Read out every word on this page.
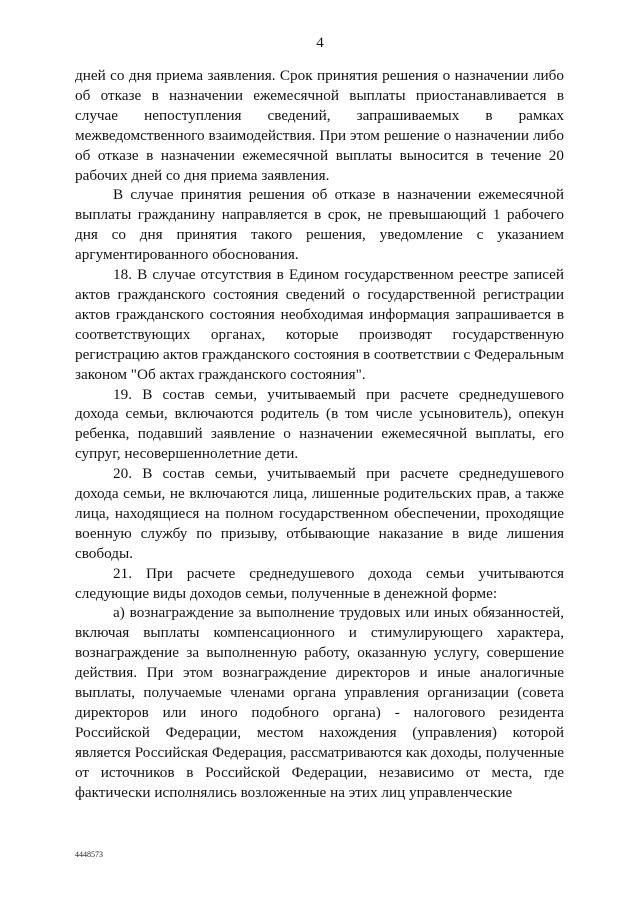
4

дней со дня приема заявления. Срок принятия решения о назначении либо об отказе в назначении ежемесячной выплаты приостанавливается в случае непоступления сведений, запрашиваемых в рамках межведомственного взаимодействия. При этом решение о назначении либо об отказе в назначении ежемесячной выплаты выносится в течение 20 рабочих дней со дня приема заявления.

В случае принятия решения об отказе в назначении ежемесячной выплаты гражданину направляется в срок, не превышающий 1 рабочего дня со дня принятия такого решения, уведомление с указанием аргументированного обоснования.

18. В случае отсутствия в Едином государственном реестре записей актов гражданского состояния сведений о государственной регистрации актов гражданского состояния необходимая информация запрашивается в соответствующих органах, которые производят государственную регистрацию актов гражданского состояния в соответствии с Федеральным законом "Об актах гражданского состояния".

19. В состав семьи, учитываемый при расчете среднедушевого дохода семьи, включаются родитель (в том числе усыновитель), опекун ребенка, подавший заявление о назначении ежемесячной выплаты, его супруг, несовершеннолетние дети.

20. В состав семьи, учитываемый при расчете среднедушевого дохода семьи, не включаются лица, лишенные родительских прав, а также лица, находящиеся на полном государственном обеспечении, проходящие военную службу по призыву, отбывающие наказание в виде лишения свободы.

21. При расчете среднедушевого дохода семьи учитываются следующие виды доходов семьи, полученные в денежной форме:

а) вознаграждение за выполнение трудовых или иных обязанностей, включая выплаты компенсационного и стимулирующего характера, вознаграждение за выполненную работу, оказанную услугу, совершение действия. При этом вознаграждение директоров и иные аналогичные выплаты, получаемые членами органа управления организации (совета директоров или иного подобного органа) - налогового резидента Российской Федерации, местом нахождения (управления) которой является Российская Федерация, рассматриваются как доходы, полученные от источников в Российской Федерации, независимо от места, где фактически исполнялись возложенные на этих лиц управленческие

4448573
